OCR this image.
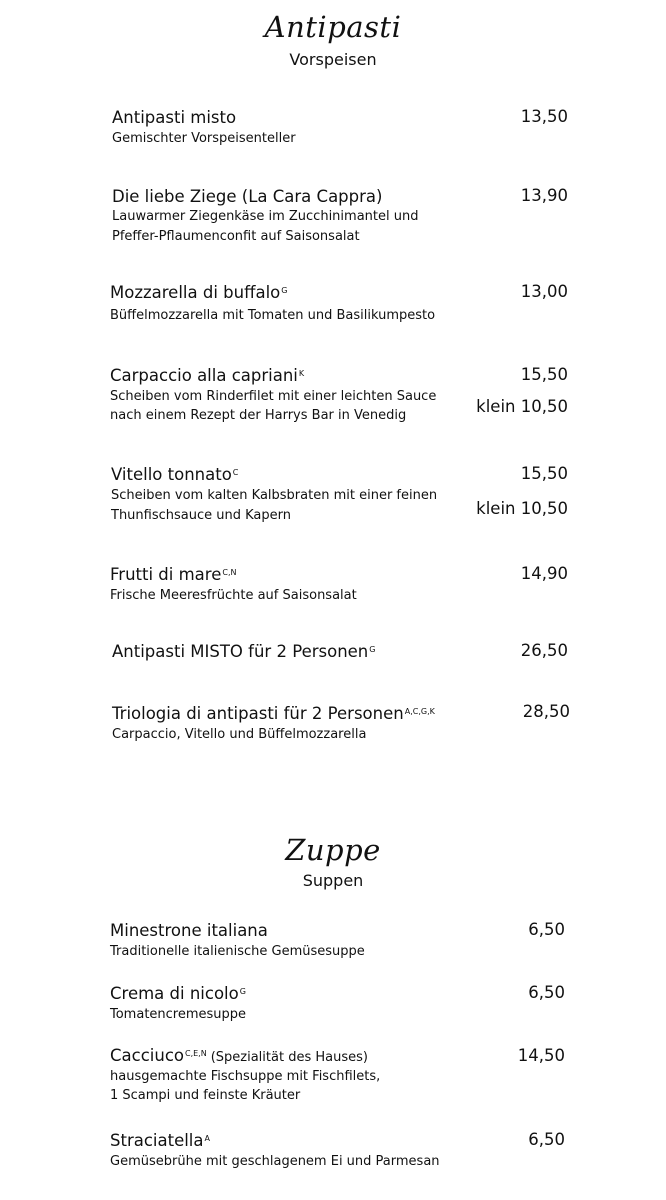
Antipasti
Vorspeisen
Antipasti misto
Gemischter Vorspeisenteller
13,50
Die liebe Ziege (La Cara Cappra)
Lauwarmer Ziegenkäse im Zucchinimantel und
Pfeffer-Pflaumenconfit auf Saisonsalat
13,90
Mozzarella di buffalo$^G$
Büffelmozzarella mit Tomaten und Basilikumpesto
13,00
Carpaccio alla capriani$^K$
Scheiben vom Rinderfilet mit einer leichten Sauce
nach einem Rezept der Harrys Bar in Venedig
15,50
klein 10,50
Vitello tonnato$^C$
Scheiben vom kalten Kalbsbraten mit einer feinen
Thunfischsauce und Kapern
15,50
klein 10,50
Frutti di mare$^{C,N}$
Frische Meeresfrüchte auf Saisonsalat
14,90
Antipasti MISTO für 2 Personen$^G$	26,50
Triologia di antipasti für 2 Personen$^{A,C,G,K}$
Carpaccio, Vitello und Büffelmozzarella
28,50
Zuppe
Suppen
Minestrone italiana
Traditionelle italienische Gemüsesuppe
6,50
Crema di nicolo$^G$
Tomatencremesuppe
6,50
Cacciuco$^{C,E,N}$ (Spezialität des Hauses)
hausgemachte Fischsuppe mit Fischfilets,
1 Scampi und feinste Kräuter
14,50
Straciatella$^A$
Gemüsebrühe mit geschlagenem Ei und Parmesan
6,50
